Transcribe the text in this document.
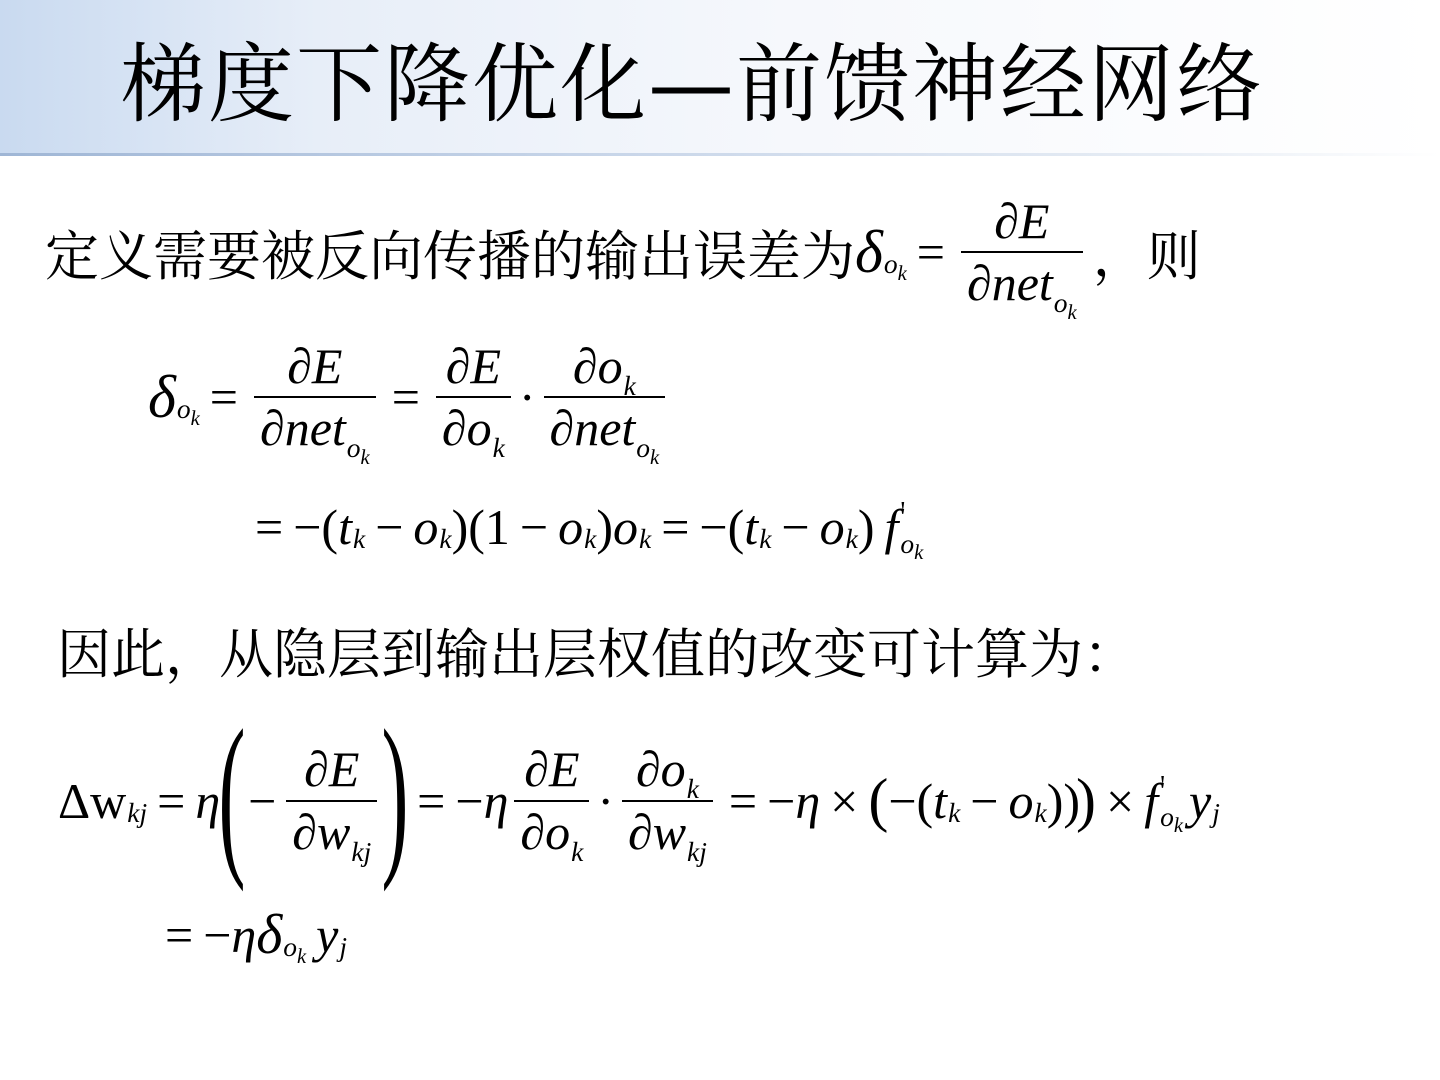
梯度下降优化—前馈神经网络
定义需要被反向传播的输出误差为 δ $o_k = \frac{\partial E}{\partial net_{o_k}}$ ，则
δ $o_k = \frac{\partial E}{\partial net_{o_k}} = \frac{\partial E}{\partial o_k} \cdot \frac{\partial o_k}{\partial net_{o_k}}$
= −( t k − o k )( 1 − o k ) o k = −( t k − o k ) f '
$o_k$
因此，从隐层到输出层权值的改变可计算为：
Δw kj = η
( − $\frac{\partial E}{\partial w_{kj}}$ ) = − η $\frac{\partial E}{\partial o_k} \cdot \frac{\partial o_k}{\partial w_{kj}}$ = − η × ( −( t k − o k ))
) × f '
$o_k$ y j
= − η δ $o_k$ y j
